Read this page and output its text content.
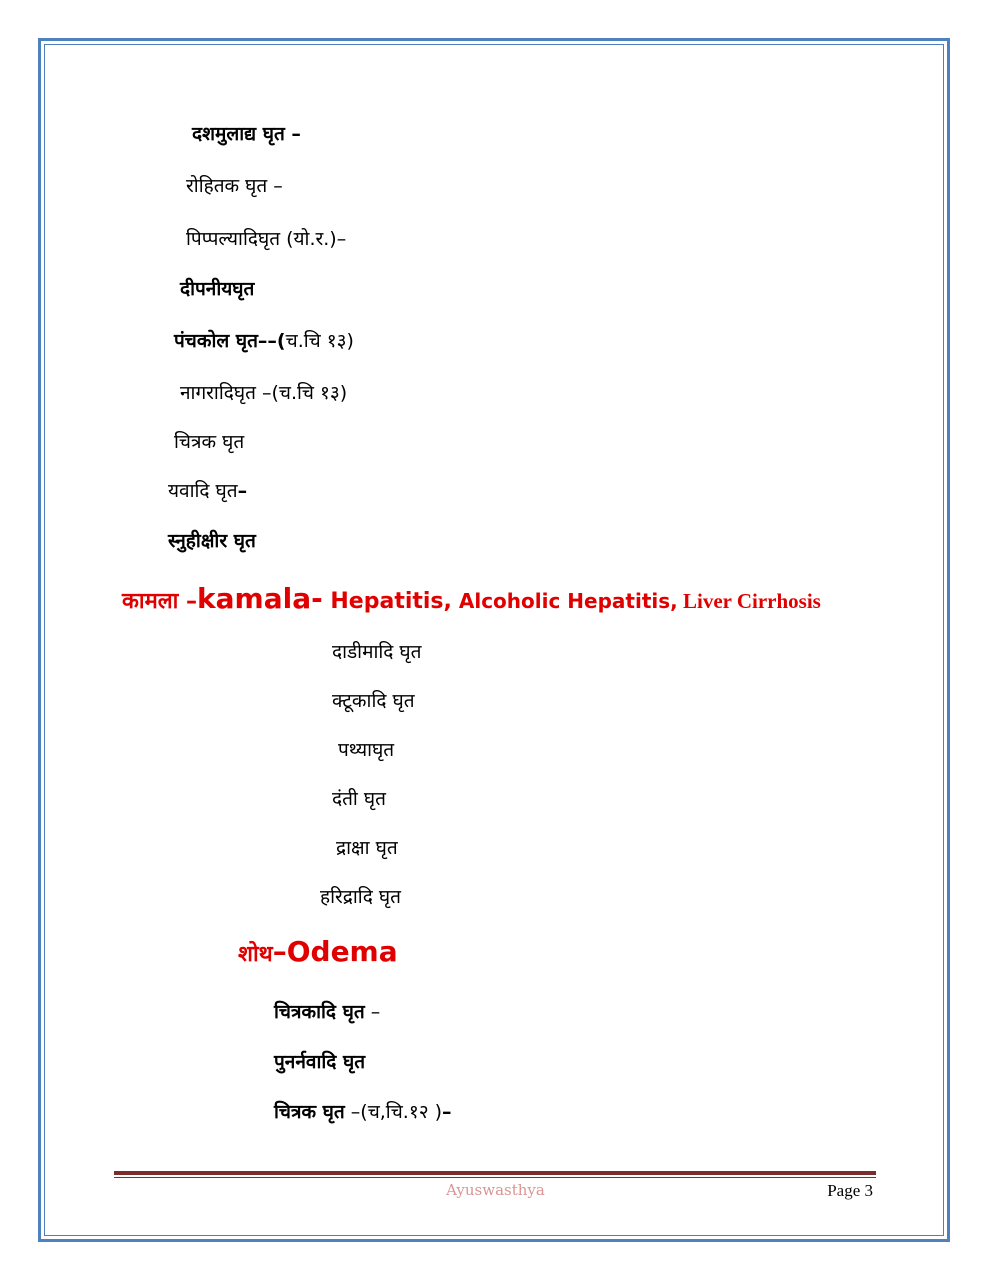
दशमुलाद्य घृत –
रोहितक घृत –
पिप्पल्यादिघृत (यो.र.)–
दीपनीयघृत
पंचकोल घृत––(च.चि १३)
नागरादिघृत –(च.चि १३)
चित्रक घृत
यवादि घृत–
स्नुहीक्षीर घृत
कामला –kamala- Hepatitis, Alcoholic Hepatitis, Liver Cirrhosis
दाडीमादि घृत
क्टूकादि घृत
पथ्याघृत
दंती घृत
द्राक्षा घृत
हरिद्रादि घृत
शोथ–Odema
चित्रकादि घृत –
पुनर्नवादि घृत
चित्रक घृत –(च,चि.१२ )–
Ayuswasthya	Page 3
